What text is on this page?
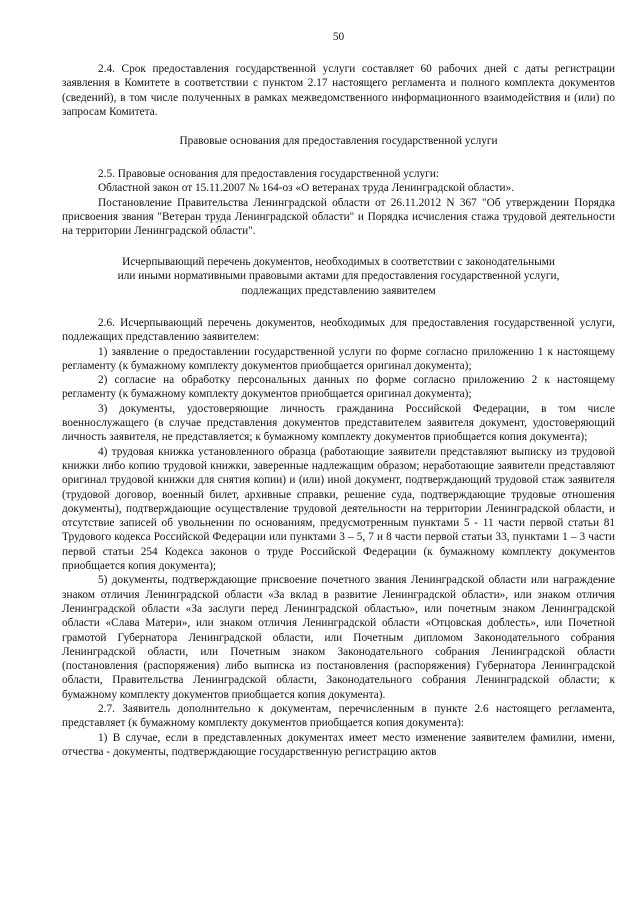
50

2.4. Срок предоставления государственной услуги составляет 60 рабочих дней с даты регистрации заявления в Комитете в соответствии с пунктом 2.17 настоящего регламента и полного комплекта документов (сведений), в том числе полученных в рамках межведомственного информационного взаимодействия и (или) по запросам Комитета.

Правовые основания для предоставления государственной услуги

2.5. Правовые основания для предоставления государственной услуги:

Областной закон от 15.11.2007 № 164-оз «О ветеранах труда Ленинградской области».

Постановление Правительства Ленинградской области от 26.11.2012 N 367 "Об утверждении Порядка присвоения звания "Ветеран труда Ленинградской области" и Порядка исчисления стажа трудовой деятельности на территории Ленинградской области".

Исчерпывающий перечень документов, необходимых в соответствии с законодательными

или иными нормативными правовыми актами для предоставления государственной услуги,

подлежащих представлению заявителем

2.6. Исчерпывающий перечень документов, необходимых для предоставления государственной услуги, подлежащих представлению заявителем:

1) заявление о предоставлении государственной услуги по форме согласно приложению 1 к настоящему регламенту (к бумажному комплекту документов приобщается оригинал документа);

2) согласие на обработку персональных данных по форме согласно приложению 2 к настоящему регламенту (к бумажному комплекту документов приобщается оригинал документа);

3) документы, удостоверяющие личность гражданина Российской Федерации, в том числе военнослужащего (в случае представления документов представителем заявителя документ, удостоверяющий личность заявителя, не представляется; к бумажному комплекту документов приобщается копия документа);

4) трудовая книжка установленного образца (работающие заявители представляют выписку из трудовой книжки либо копию трудовой книжки, заверенные надлежащим образом; неработающие заявители представляют оригинал трудовой книжки для снятия копии) и (или) иной документ, подтверждающий трудовой стаж заявителя (трудовой договор, военный билет, архивные справки, решение суда, подтверждающие трудовые отношения документы), подтверждающие осуществление трудовой деятельности на территории Ленинградской области, и отсутствие записей об увольнении по основаниям, предусмотренным пунктами 5 - 11 части первой статьи 81 Трудового кодекса Российской Федерации или пунктами 3 – 5, 7 и 8 части первой статьи 33, пунктами 1 – 3 части первой статьи 254 Кодекса законов о труде Российской Федерации (к бумажному комплекту документов приобщается копия документа);

5) документы, подтверждающие присвоение почетного звания Ленинградской области или награждение знаком отличия Ленинградской области «За вклад в развитие Ленинградской области», или знаком отличия Ленинградской области «За заслуги перед Ленинградской областью», или почетным знаком Ленинградской области «Слава Матери», или знаком отличия Ленинградской области «Отцовская доблесть», или Почетной грамотой Губернатора Ленинградской области, или Почетным дипломом Законодательного собрания Ленинградской области, или Почетным знаком Законодательного собрания Ленинградской области (постановления (распоряжения) либо выписка из постановления (распоряжения) Губернатора Ленинградской области, Правительства Ленинградской области, Законодательного собрания Ленинградской области; к бумажному комплекту документов приобщается копия документа).

2.7. Заявитель дополнительно к документам, перечисленным в пункте 2.6 настоящего регламента, представляет (к бумажному комплекту документов приобщается копия документа):

1) В случае, если в представленных документах имеет место изменение заявителем фамилии, имени, отчества - документы, подтверждающие государственную регистрацию актов
